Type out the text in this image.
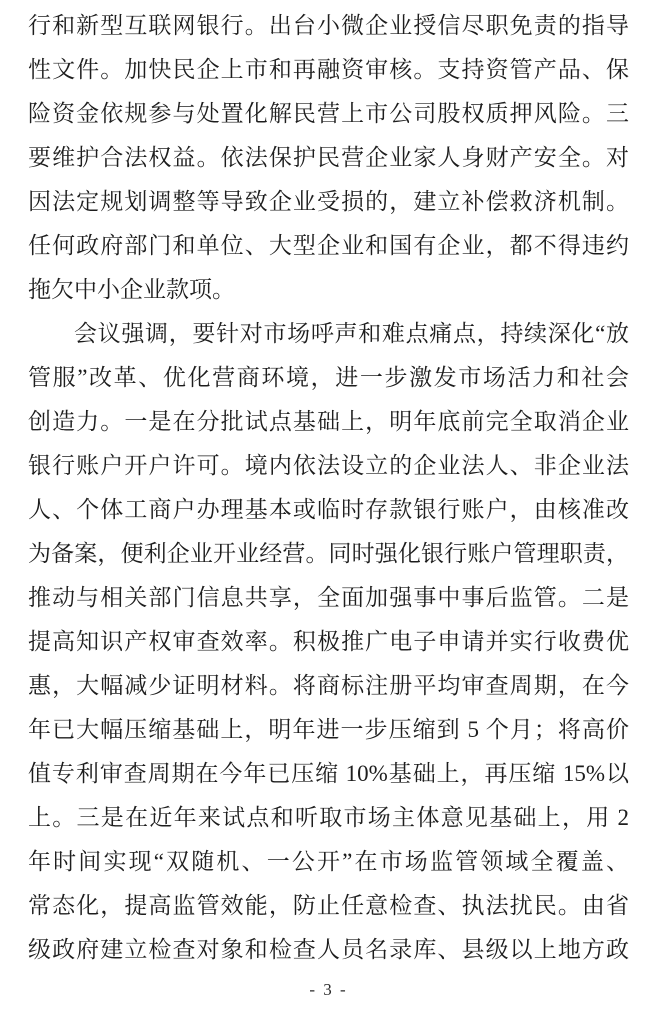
行和新型互联网银行。出台小微企业授信尽职免责的指导
性文件。加快民企上市和再融资审核。支持资管产品、保
险资金依规参与处置化解民营上市公司股权质押风险。三
要维护合法权益。依法保护民营企业家人身财产安全。对
因法定规划调整等导致企业受损的，建立补偿救济机制。
任何政府部门和单位、大型企业和国有企业，都不得违约
拖欠中小企业款项。
会议强调，要针对市场呼声和难点痛点，持续深化“放
管服”改革、优化营商环境，进一步激发市场活力和社会
创造力。一是在分批试点基础上，明年底前完全取消企业
银行账户开户许可。境内依法设立的企业法人、非企业法
人、个体工商户办理基本或临时存款银行账户，由核准改
为备案，便利企业开业经营。同时强化银行账户管理职责，
推动与相关部门信息共享，全面加强事中事后监管。二是
提高知识产权审查效率。积极推广电子申请并实行收费优
惠，大幅减少证明材料。将商标注册平均审查周期，在今
年已大幅压缩基础上，明年进一步压缩到 5 个月；将高价
值专利审查周期在今年已压缩 10%基础上，再压缩 15%以
上。三是在近年来试点和听取市场主体意见基础上，用 2
年时间实现“双随机、一公开”在市场监管领域全覆盖、
常态化，提高监管效能，防止任意检查、执法扰民。由省
级政府建立检查对象和检查人员名录库、县级以上地方政
- 3 -
